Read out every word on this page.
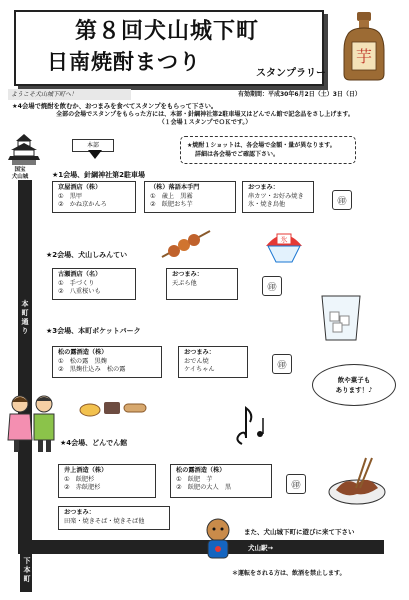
第８回犬山城下町
日南焼酎まつり	スタンプラリー
芋
ようこそ犬山城下町へ！	有効期間：平成30年6月2日（土）3日（日）
★4会場で焼酎を飲むか、おつまみを食べてスタンプをもらって下さい。
全部の会場でスタンプをもらった方には、本部・針綱神社第2駐車場又はどんでん館で記念品をさし上げます。
（１会場１スタンプでＯＫです。）
国宝
犬山城
本町通り
下本町
犬山駅→
本部	★焼酎１ショットは、各会場で金額・量が異なります。
詳細は各会場でご確認下さい。
★1会場、針綱神社第2駐車場
京屋酒店（株）
①　黒甲
②　かね京かんろ
（株）落語本手門
①　歳上　黒霧
②　飫肥おち芋
おつまみ：
串カツ・お好み焼き
氷・焼き鳥他	㊞
氷
★2会場、犬山しみんてい
古瀬酒店（名）
①　手づくり
②　八重桜いも
おつまみ：
天ぷら他	㊞
★3会場、本町ポケットパーク
松の露酒造（株）
①　松の露　黒麹
②　黒麹仕込み　松の露
おつまみ：
おでん焼
ケイちゃん	㊞
飲や菓子も
あります！♪
★4会場、どんでん館
井上酒造（株）
①　飫肥杉
②　赤飫肥杉
松の露酒造（株）
①　飫肥　芋
②　飫肥の大人　黒
おつまみ：
田楽・焼きそば・焼きそば他
㊞
また、犬山城下町に遊びに来て下さい
＊運転をされる方は、飲酒を禁止します。
